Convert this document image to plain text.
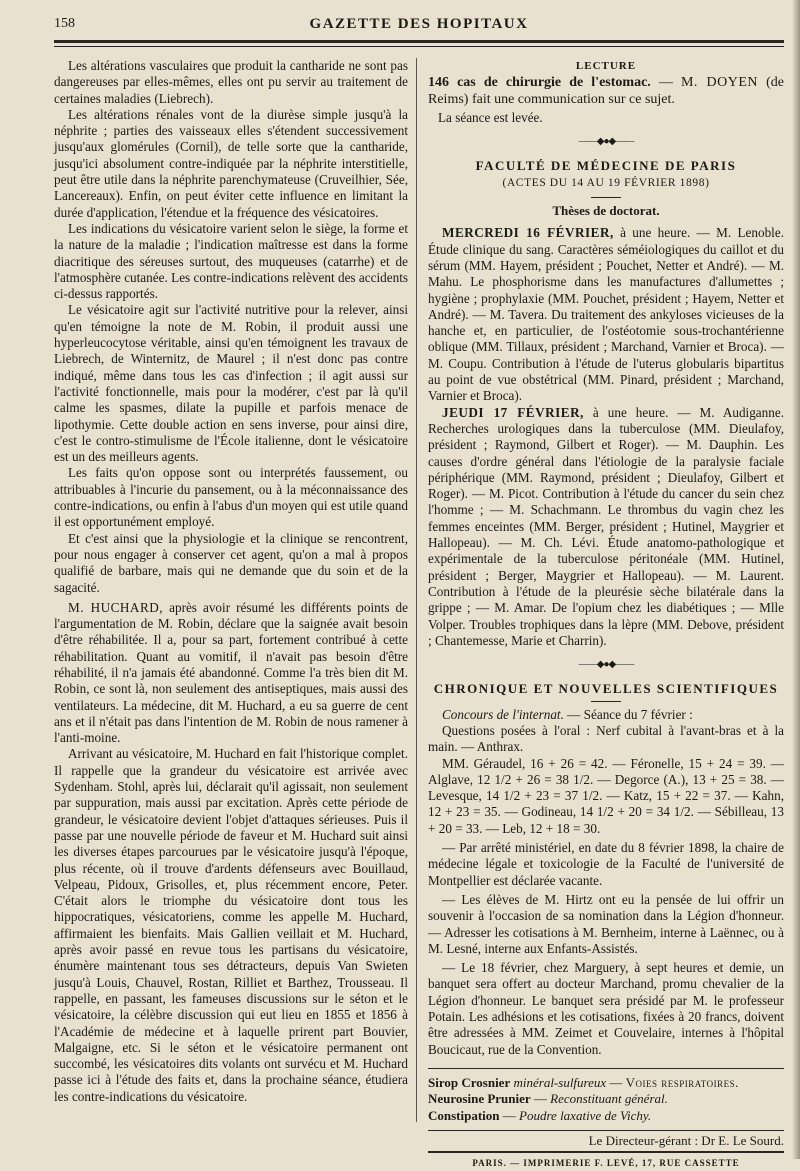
158	GAZETTE DES HOPITAUX

Les altérations vasculaires que produit la cantharide ne sont pas dangereuses par elles-mêmes, elles ont pu servir au traitement de certaines maladies (Liebrech).

Les altérations rénales vont de la diurèse simple jusqu'à la néphrite ; parties des vaisseaux elles s'étendent successivement jusqu'aux glomérules (Cornil), de telle sorte que la cantharide, jusqu'ici absolument contre-indiquée par la néphrite interstitielle, peut être utile dans la néphrite parenchymateuse (Cruveilhier, Sée, Lancereaux). Enfin, on peut éviter cette influence en limitant la durée d'application, l'étendue et la fréquence des vésicatoires.

Les indications du vésicatoire varient selon le siège, la forme et la nature de la maladie ; l'indication maîtresse est dans la forme diacritique des séreuses surtout, des muqueuses (catarrhe) et de l'atmosphère cutanée. Les contre-indications relèvent des accidents ci-dessus rapportés.

Le vésicatoire agit sur l'activité nutritive pour la relever, ainsi qu'en témoigne la note de M. Robin, il produit aussi une hyperleucocytose véritable, ainsi qu'en témoignent les travaux de Liebrech, de Winternitz, de Maurel ; il n'est donc pas contre indiqué, même dans tous les cas d'infection ; il agit aussi sur l'activité fonctionnelle, mais pour la modérer, c'est par là qu'il calme les spasmes, dilate la pupille et parfois menace de lipothymie. Cette double action en sens inverse, pour ainsi dire, c'est le contro-stimulisme de l'École italienne, dont le vésicatoire est un des meilleurs agents.

Les faits qu'on oppose sont ou interprétés faussement, ou attribuables à l'incurie du pansement, ou à la méconnaissance des contre-indications, ou enfin à l'abus d'un moyen qui est utile quand il est opportunément employé.

Et c'est ainsi que la physiologie et la clinique se rencontrent, pour nous engager à conserver cet agent, qu'on a mal à propos qualifié de barbare, mais qui ne demande que du soin et de la sagacité.

M. HUCHARD, après avoir résumé les différents points de l'argumentation de M. Robin, déclare que la saignée avait besoin d'être réhabilitée. Il a, pour sa part, fortement contribué à cette réhabilitation. Quant au vomitif, il n'avait pas besoin d'être réhabilité, il n'a jamais été abandonné. Comme l'a très bien dit M. Robin, ce sont là, non seulement des antiseptiques, mais aussi des ventilateurs. La médecine, dit M. Huchard, a eu sa guerre de cent ans et il n'était pas dans l'intention de M. Robin de nous ramener à l'anti-moine.

Arrivant au vésicatoire, M. Huchard en fait l'historique complet. Il rappelle que la grandeur du vésicatoire est arrivée avec Sydenham. Stohl, après lui, déclarait qu'il agissait, non seulement par suppuration, mais aussi par excitation. Après cette période de grandeur, le vésicatoire devient l'objet d'attaques sérieuses. Puis il passe par une nouvelle période de faveur et M. Huchard suit ainsi les diverses étapes parcourues par le vésicatoire jusqu'à l'époque, plus récente, où il trouve d'ardents défenseurs avec Bouillaud, Velpeau, Pidoux, Grisolles, et, plus récemment encore, Peter. C'était alors le triomphe du vésicatoire dont tous les hippocratiques, vésicatoriens, comme les appelle M. Huchard, affirmaient les bienfaits. Mais Gallien veillait et M. Huchard, après avoir passé en revue tous les partisans du vésicatoire, énumère maintenant tous ses détracteurs, depuis Van Swieten jusqu'à Louis, Chauvel, Rostan, Rilliet et Barthez, Trousseau. Il rappelle, en passant, les fameuses discussions sur le séton et le vésicatoire, la célèbre discussion qui eut lieu en 1855 et 1856 à l'Académie de médecine et à laquelle prirent part Bouvier, Malgaigne, etc. Si le séton et le vésicatoire permanent ont succombé, les vésicatoires dits volants ont survécu et M. Huchard passe ici à l'étude des faits et, dans la prochaine séance, étudiera les contre-indications du vésicatoire.

LECTURE

146 cas de chirurgie de l'estomac. — M. DOYEN (de Reims) fait une communication sur ce sujet.

La séance est levée.

——◆●◆——
FACULTÉ DE MÉDECINE DE PARIS
(ACTES DU 14 AU 19 FÉVRIER 1898)
Thèses de doctorat.

MERCREDI 16 FÉVRIER, à une heure. — M. Lenoble. Étude clinique du sang. Caractères séméiologiques du caillot et du sérum (MM. Hayem, président ; Pouchet, Netter et André). — M. Mahu. Le phosphorisme dans les manufactures d'allumettes ; hygiène ; prophylaxie (MM. Pouchet, président ; Hayem, Netter et André). — M. Tavera. Du traitement des ankyloses vicieuses de la hanche et, en particulier, de l'ostéotomie sous-trochantérienne oblique (MM. Tillaux, président ; Marchand, Varnier et Broca). — M. Coupu. Contribution à l'étude de l'uterus globularis bipartitus au point de vue obstétrical (MM. Pinard, président ; Marchand, Varnier et Broca).

JEUDI 17 FÉVRIER, à une heure. — M. Audiganne. Recherches urologiques dans la tuberculose (MM. Dieulafoy, président ; Raymond, Gilbert et Roger). — M. Dauphin. Les causes d'ordre général dans l'étiologie de la paralysie faciale périphérique (MM. Raymond, président ; Dieulafoy, Gilbert et Roger). — M. Picot. Contribution à l'étude du cancer du sein chez l'homme ; — M. Schachmann. Le thrombus du vagin chez les femmes enceintes (MM. Berger, président ; Hutinel, Maygrier et Hallopeau). — M. Ch. Lévi. Étude anatomo-pathologique et expérimentale de la tuberculose péritonéale (MM. Hutinel, président ; Berger, Maygrier et Hallopeau). — M. Laurent. Contribution à l'étude de la pleurésie sèche bilatérale dans la grippe ; — M. Amar. De l'opium chez les diabétiques ; — Mlle Volper. Troubles trophiques dans la lèpre (MM. Debove, président ; Chantemesse, Marie et Charrin).

——◆●◆——
CHRONIQUE ET NOUVELLES SCIENTIFIQUES

Concours de l'internat. — Séance du 7 février :

Questions posées à l'oral : Nerf cubital à l'avant-bras et à la main. — Anthrax.

MM. Géraudel, 16 + 26 = 42. — Féronelle, 15 + 24 = 39. — Alglave, 12 1/2 + 26 = 38 1/2. — Degorce (A.), 13 + 25 = 38. — Levesque, 14 1/2 + 23 = 37 1/2. — Katz, 15 + 22 = 37. — Kahn, 12 + 23 = 35. — Godineau, 14 1/2 + 20 = 34 1/2. — Sébilleau, 13 + 20 = 33. — Leb, 12 + 18 = 30.

— Par arrêté ministériel, en date du 8 février 1898, la chaire de médecine légale et toxicologie de la Faculté de l'université de Montpellier est déclarée vacante.

— Les élèves de M. Hirtz ont eu la pensée de lui offrir un souvenir à l'occasion de sa nomination dans la Légion d'honneur. — Adresser les cotisations à M. Bernheim, interne à Laënnec, ou à M. Lesné, interne aux Enfants-Assistés.

— Le 18 février, chez Marguery, à sept heures et demie, un banquet sera offert au docteur Marchand, promu chevalier de la Légion d'honneur. Le banquet sera présidé par M. le professeur Potain. Les adhésions et les cotisations, fixées à 20 francs, doivent être adressées à MM. Zeimet et Couvelaire, internes à l'hôpital Boucicaut, rue de la Convention.

Sirop Crosnier minéral-sulfureux — Voies respiratoires.

Neurosine Prunier — Reconstituant général.

Constipation — Poudre laxative de Vichy.

Le Directeur-gérant : Dr E. Le Sourd.

PARIS. — IMPRIMERIE F. LEVÉ, 17, RUE CASSETTE
